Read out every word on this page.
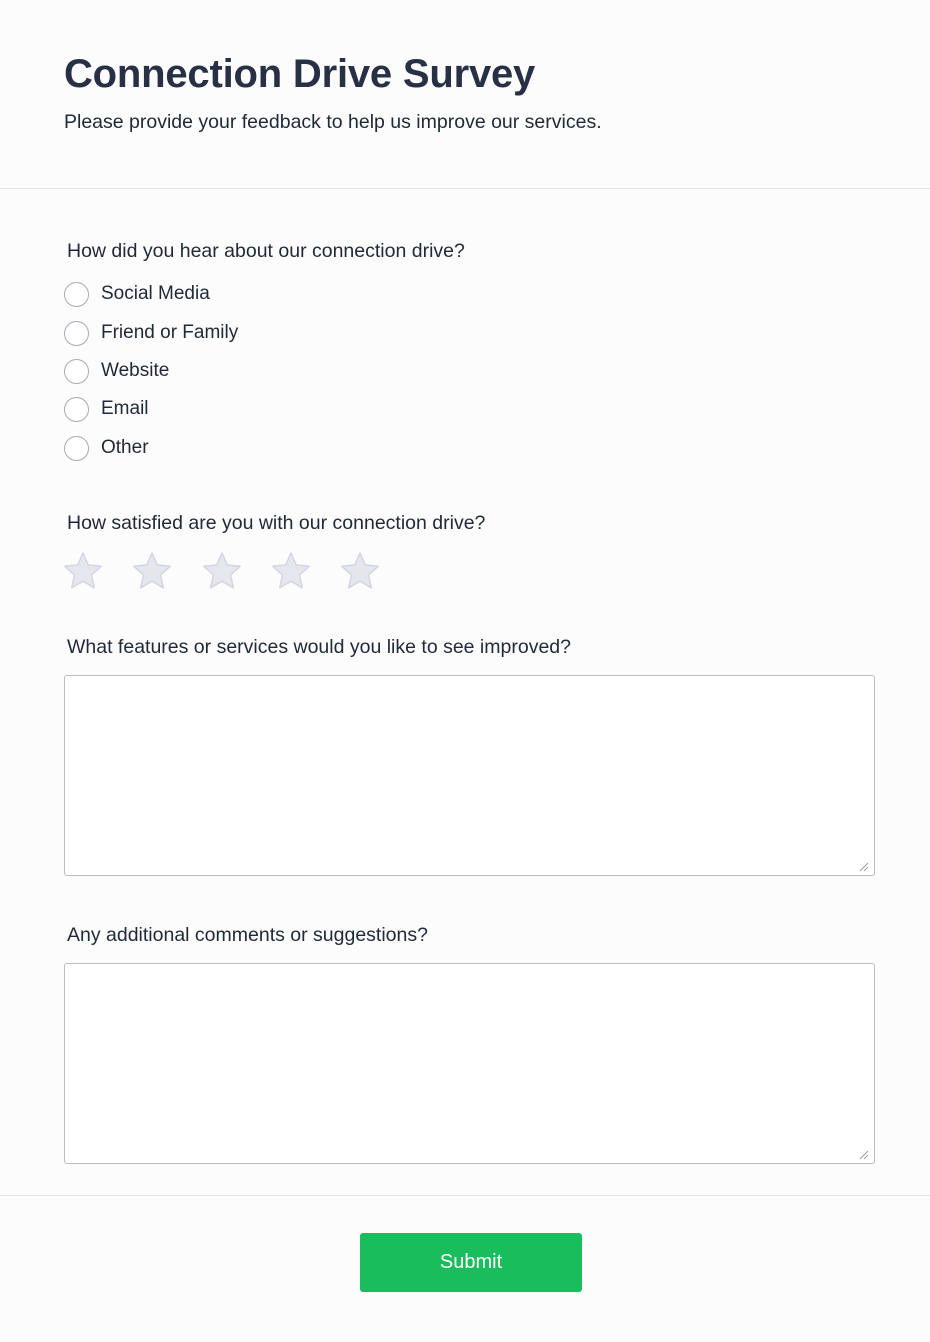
Connection Drive Survey
Please provide your feedback to help us improve our services.
How did you hear about our connection drive?
Social Media
Friend or Family
Website
Email
Other
How satisfied are you with our connection drive?
What features or services would you like to see improved?
Any additional comments or suggestions?
Submit
